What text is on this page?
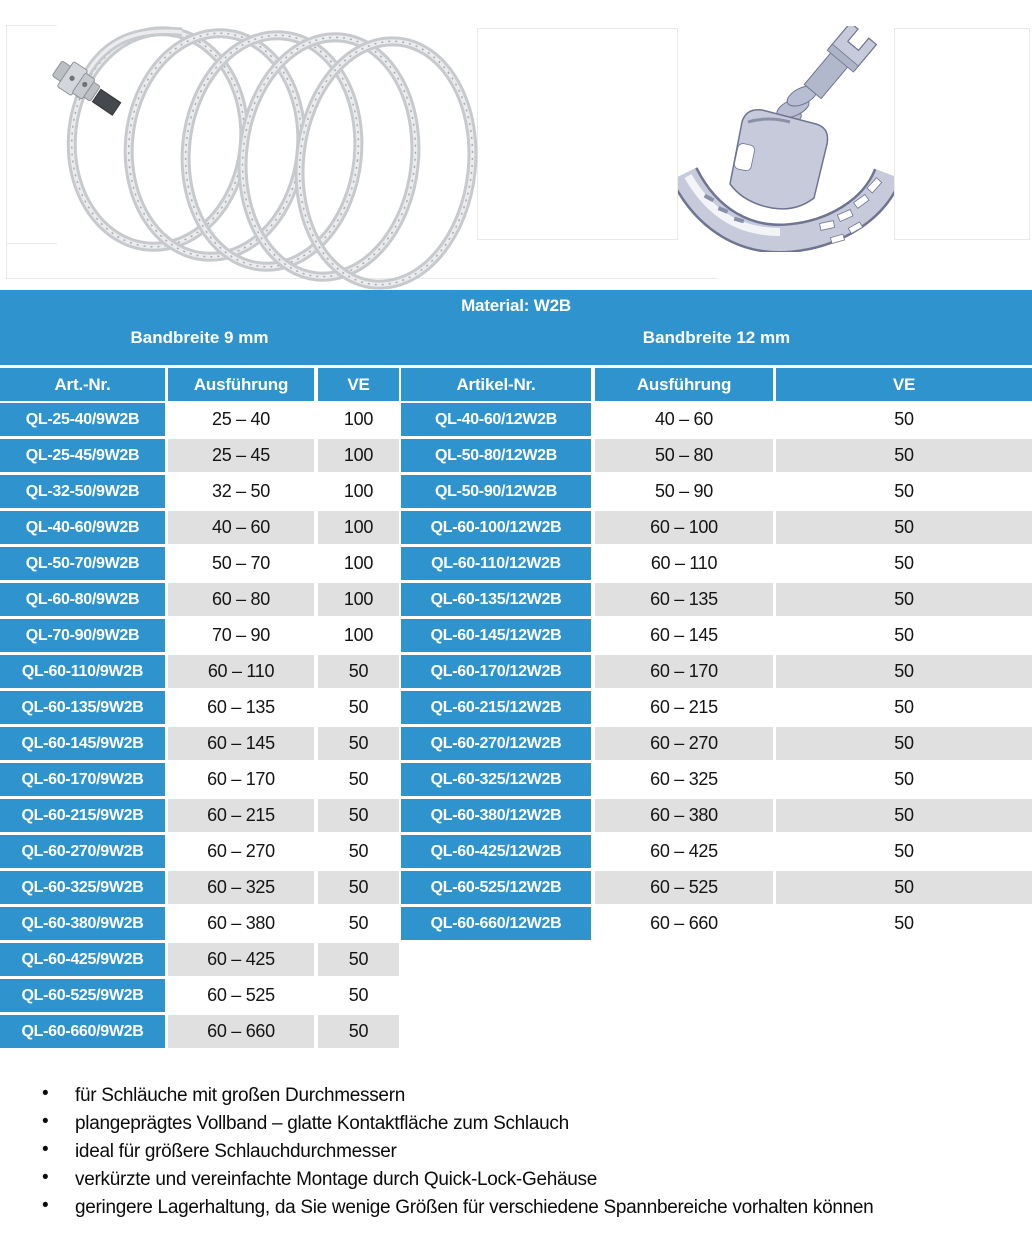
Material: W2B
Bandbreite 9 mm	Bandbreite 12 mm
Art.-Nr.	Ausführung	VE
QL-25-40/9W2B	25 – 40	100
QL-25-45/9W2B	25 – 45	100
QL-32-50/9W2B	32 – 50	100
QL-40-60/9W2B	40 – 60	100
QL-50-70/9W2B	50 – 70	100
QL-60-80/9W2B	60 – 80	100
QL-70-90/9W2B	70 – 90	100
QL-60-110/9W2B	60 – 110	50
QL-60-135/9W2B	60 – 135	50
QL-60-145/9W2B	60 – 145	50
QL-60-170/9W2B	60 – 170	50
QL-60-215/9W2B	60 – 215	50
QL-60-270/9W2B	60 – 270	50
QL-60-325/9W2B	60 – 325	50
QL-60-380/9W2B	60 – 380	50
QL-60-425/9W2B	60 – 425	50
QL-60-525/9W2B	60 – 525	50
QL-60-660/9W2B	60 – 660	50
Artikel-Nr.	Ausführung	VE
QL-40-60/12W2B	40 – 60	50
QL-50-80/12W2B	50 – 80	50
QL-50-90/12W2B	50 – 90	50
QL-60-100/12W2B	60 – 100	50
QL-60-110/12W2B	60 – 110	50
QL-60-135/12W2B	60 – 135	50
QL-60-145/12W2B	60 – 145	50
QL-60-170/12W2B	60 – 170	50
QL-60-215/12W2B	60 – 215	50
QL-60-270/12W2B	60 – 270	50
QL-60-325/12W2B	60 – 325	50
QL-60-380/12W2B	60 – 380	50
QL-60-425/12W2B	60 – 425	50
QL-60-525/12W2B	60 – 525	50
QL-60-660/12W2B	60 – 660	50
• für Schläuche mit großen Durchmessern
• plangeprägtes Vollband – glatte Kontaktfläche zum Schlauch
• ideal für größere Schlauchdurchmesser
• verkürzte und vereinfachte Montage durch Quick-Lock-Gehäuse
• geringere Lagerhaltung, da Sie wenige Größen für verschiedene Spannbereiche vorhalten können
